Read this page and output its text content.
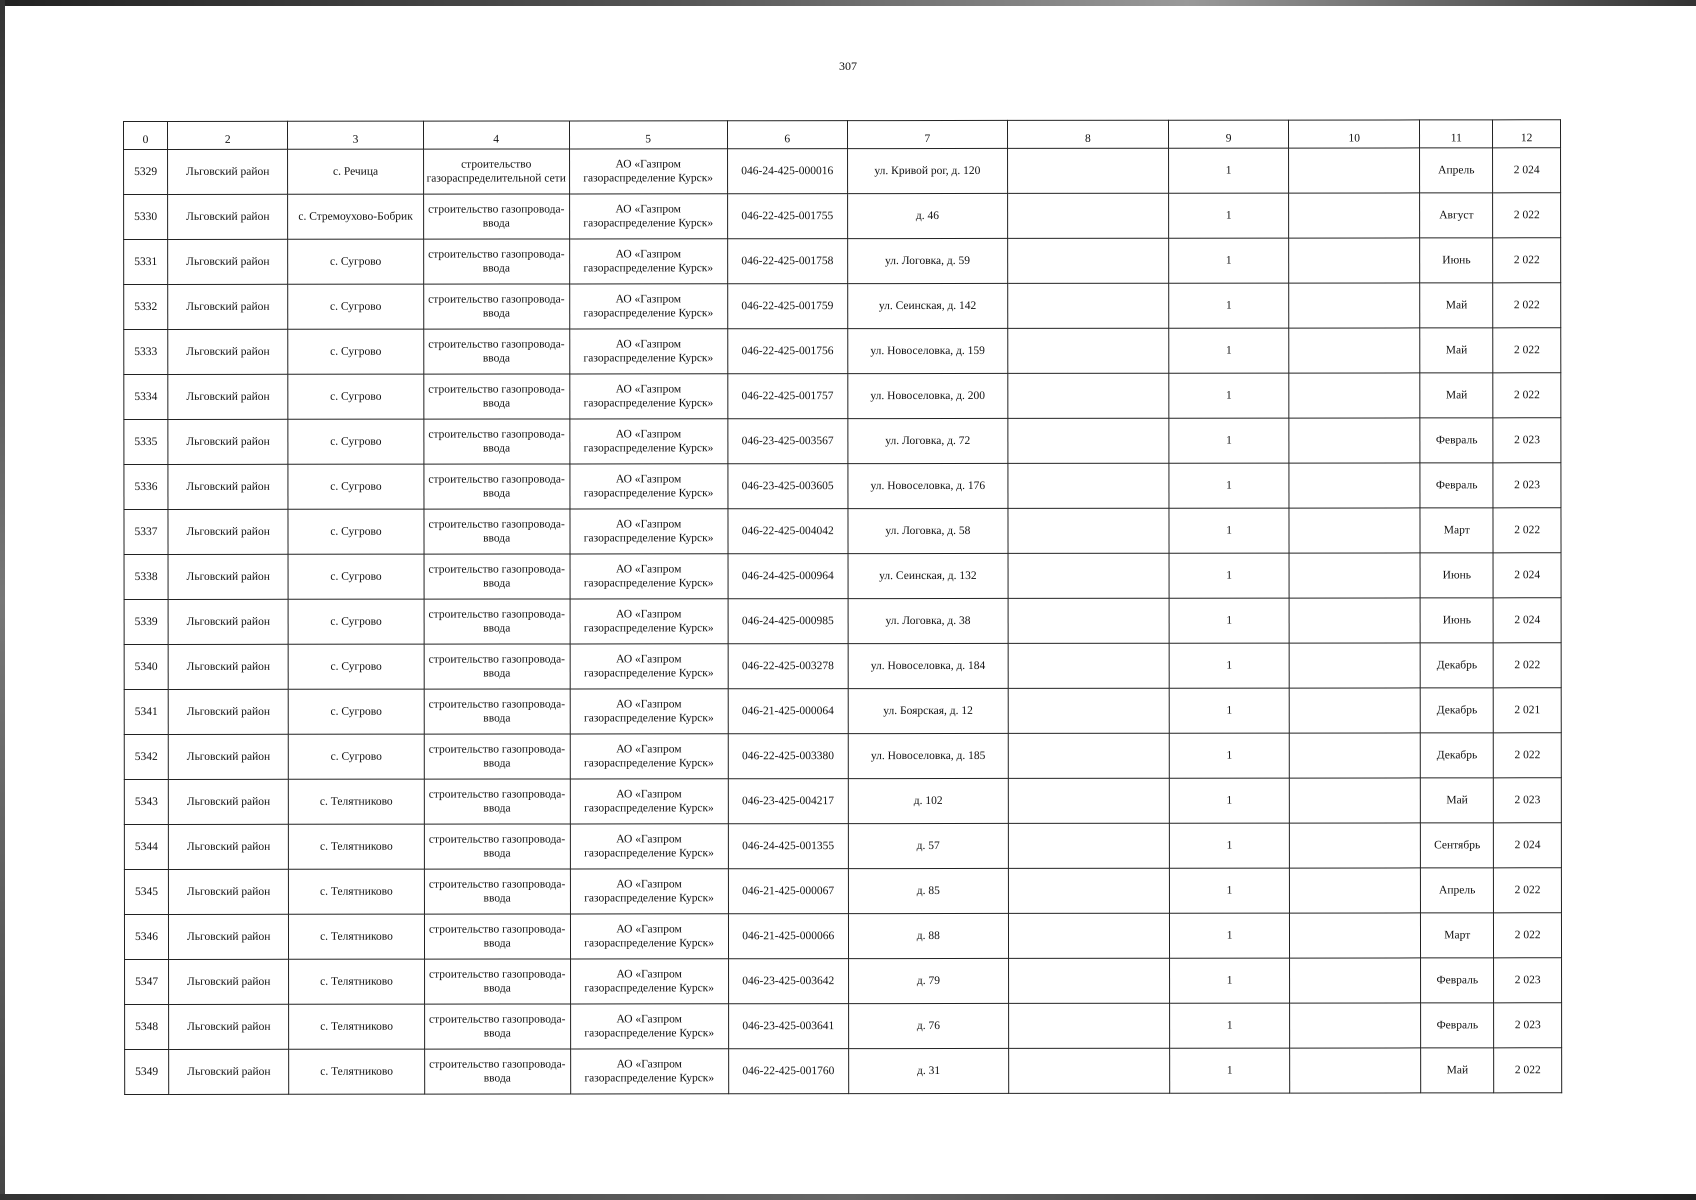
307
0	2	3	4	5	6	7	8	9	10	11	12
5329	Льговский район	с. Речица	строительство газораспределительной сети	АО «Газпром газораспределение Курск»	046-24-425-000016	ул. Кривой рог, д. 120		1		Апрель	2 024
5330	Льговский район	с. Стремоухово-Бобрик	строительство газопровода-ввода	АО «Газпром газораспределение Курск»	046-22-425-001755	д. 46		1		Август	2 022
5331	Льговский район	с. Сугрово	строительство газопровода-ввода	АО «Газпром газораспределение Курск»	046-22-425-001758	ул. Логовка, д. 59		1		Июнь	2 022
5332	Льговский район	с. Сугрово	строительство газопровода-ввода	АО «Газпром газораспределение Курск»	046-22-425-001759	ул. Сеинская, д. 142		1		Май	2 022
5333	Льговский район	с. Сугрово	строительство газопровода-ввода	АО «Газпром газораспределение Курск»	046-22-425-001756	ул. Новоселовка, д. 159		1		Май	2 022
5334	Льговский район	с. Сугрово	строительство газопровода-ввода	АО «Газпром газораспределение Курск»	046-22-425-001757	ул. Новоселовка, д. 200		1		Май	2 022
5335	Льговский район	с. Сугрово	строительство газопровода-ввода	АО «Газпром газораспределение Курск»	046-23-425-003567	ул. Логовка, д. 72		1		Февраль	2 023
5336	Льговский район	с. Сугрово	строительство газопровода-ввода	АО «Газпром газораспределение Курск»	046-23-425-003605	ул. Новоселовка, д. 176		1		Февраль	2 023
5337	Льговский район	с. Сугрово	строительство газопровода-ввода	АО «Газпром газораспределение Курск»	046-22-425-004042	ул. Логовка, д. 58		1		Март	2 022
5338	Льговский район	с. Сугрово	строительство газопровода-ввода	АО «Газпром газораспределение Курск»	046-24-425-000964	ул. Сеинская, д. 132		1		Июнь	2 024
5339	Льговский район	с. Сугрово	строительство газопровода-ввода	АО «Газпром газораспределение Курск»	046-24-425-000985	ул. Логовка, д. 38		1		Июнь	2 024
5340	Льговский район	с. Сугрово	строительство газопровода-ввода	АО «Газпром газораспределение Курск»	046-22-425-003278	ул. Новоселовка, д. 184		1		Декабрь	2 022
5341	Льговский район	с. Сугрово	строительство газопровода-ввода	АО «Газпром газораспределение Курск»	046-21-425-000064	ул. Боярская, д. 12		1		Декабрь	2 021
5342	Льговский район	с. Сугрово	строительство газопровода-ввода	АО «Газпром газораспределение Курск»	046-22-425-003380	ул. Новоселовка, д. 185		1		Декабрь	2 022
5343	Льговский район	с. Телятниково	строительство газопровода-ввода	АО «Газпром газораспределение Курск»	046-23-425-004217	д. 102		1		Май	2 023
5344	Льговский район	с. Телятниково	строительство газопровода-ввода	АО «Газпром газораспределение Курск»	046-24-425-001355	д. 57		1		Сентябрь	2 024
5345	Льговский район	с. Телятниково	строительство газопровода-ввода	АО «Газпром газораспределение Курск»	046-21-425-000067	д. 85		1		Апрель	2 022
5346	Льговский район	с. Телятниково	строительство газопровода-ввода	АО «Газпром газораспределение Курск»	046-21-425-000066	д. 88		1		Март	2 022
5347	Льговский район	с. Телятниково	строительство газопровода-ввода	АО «Газпром газораспределение Курск»	046-23-425-003642	д. 79		1		Февраль	2 023
5348	Льговский район	с. Телятниково	строительство газопровода-ввода	АО «Газпром газораспределение Курск»	046-23-425-003641	д. 76		1		Февраль	2 023
5349	Льговский район	с. Телятниково	строительство газопровода-ввода	АО «Газпром газораспределение Курск»	046-22-425-001760	д. 31		1		Май	2 022
